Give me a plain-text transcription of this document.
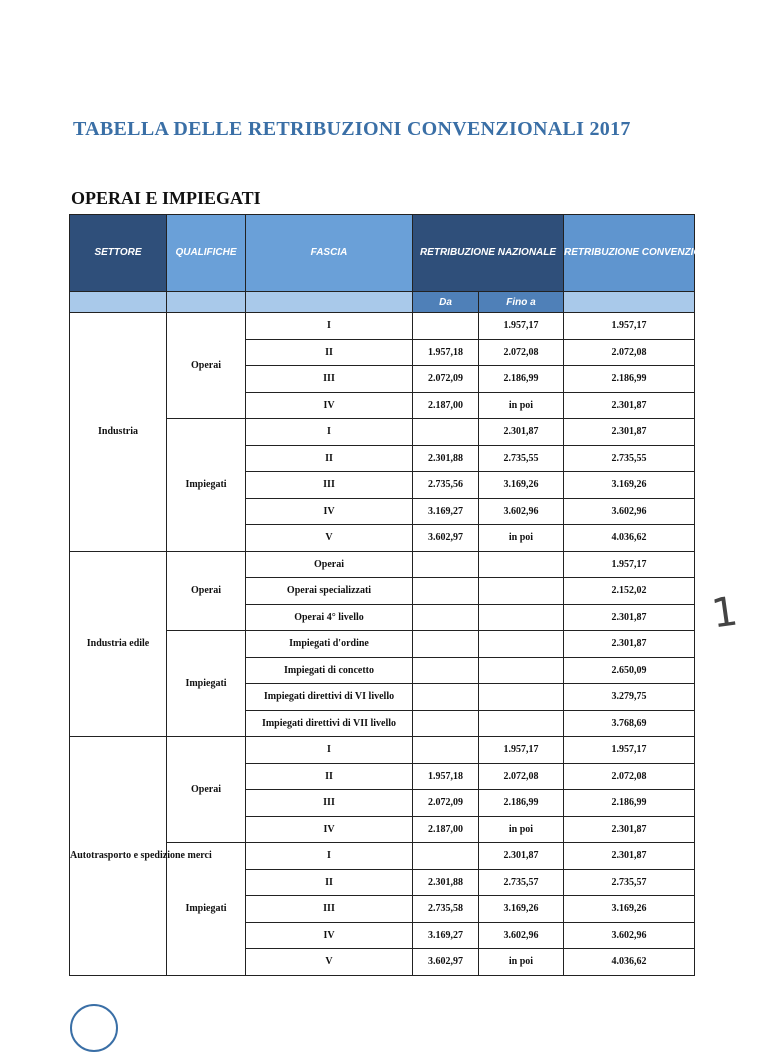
TABELLA DELLE RETRIBUZIONI CONVENZIONALI 2017
OPERAI E IMPIEGATI
SETTORE	QUALIFICHE	FASCIA	RETRIBUZIONE NAZIONALE		RETRIBUZIONE CONVENZIONALE
			Da	Fino a	
Industria	Operai	I		1.957,17	1.957,17
		II	1.957,18	2.072,08	2.072,08
		III	2.072,09	2.186,99	2.186,99
		IV	2.187,00	in poi	2.301,87
	Impiegati	I		2.301,87	2.301,87
		II	2.301,88	2.735,55	2.735,55
		III	2.735,56	3.169,26	3.169,26
		IV	3.169,27	3.602,96	3.602,96
		V	3.602,97	in poi	4.036,62
Industria edile	Operai	Operai			1.957,17
		Operai specializzati			2.152,02
		Operai 4° livello			2.301,87
	Impiegati	Impiegati d'ordine			2.301,87
		Impiegati di concetto			2.650,09
		Impiegati direttivi di VI livello			3.279,75
		Impiegati direttivi di VII livello			3.768,69
Autotrasporto e spedizione merci	Operai	I		1.957,17	1.957,17
		II	1.957,18	2.072,08	2.072,08
		III	2.072,09	2.186,99	2.186,99
		IV	2.187,00	in poi	2.301,87
	Impiegati	I		2.301,87	2.301,87
		II	2.301,88	2.735,57	2.735,57
		III	2.735,58	3.169,26	3.169,26
		IV	3.169,27	3.602,96	3.602,96
		V	3.602,97	in poi	4.036,62
1
